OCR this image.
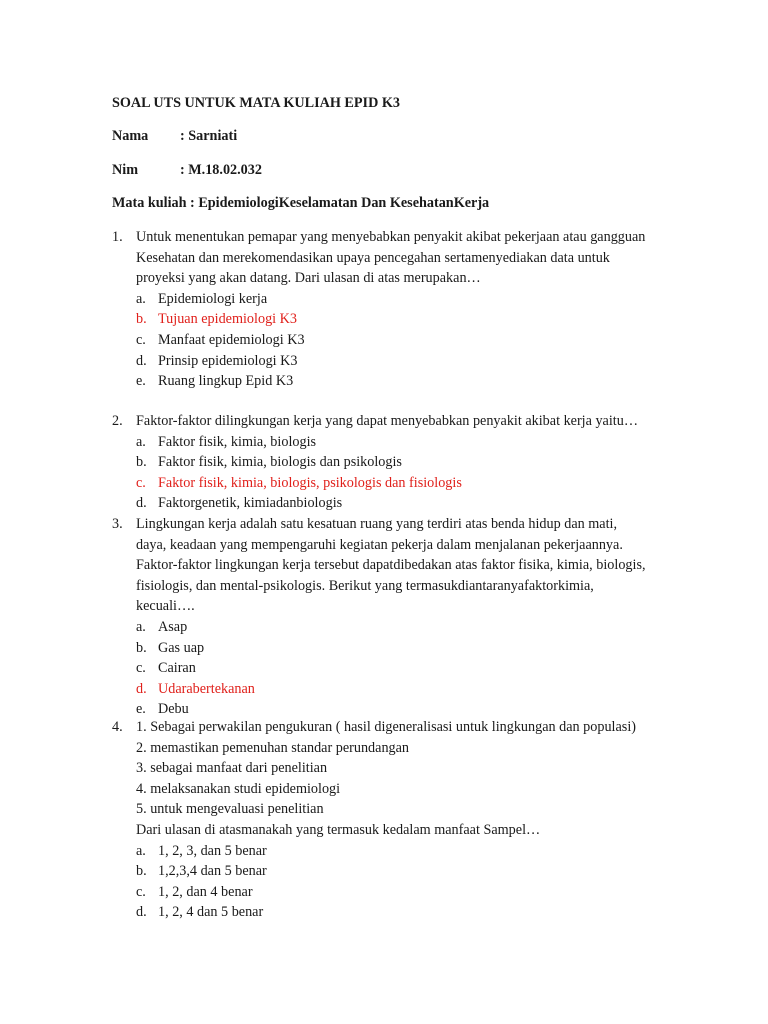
SOAL UTS UNTUK MATA KULIAH EPID K3
Nama : Sarniati
Nim	: M.18.02.032
Mata kuliah : EpidemiologiKeselamatan Dan KesehatanKerja
1. Untuk menentukan pemapar yang menyebabkan penyakit akibat pekerjaan atau gangguan
Kesehatan dan merekomendasikan upaya pencegahan sertamenyediakan data untuk
proyeksi yang akan datang. Dari ulasan di atas merupakan…
a. Epidemiologi kerja
b. Tujuan epidemiologi K3
c. Manfaat epidemiologi K3
d. Prinsip epidemiologi K3
e. Ruang lingkup Epid K3
2. Faktor-faktor dilingkungan kerja yang dapat menyebabkan penyakit akibat kerja yaitu…
a. Faktor fisik, kimia, biologis
b. Faktor fisik, kimia, biologis dan psikologis
c. Faktor fisik, kimia, biologis, psikologis dan fisiologis
d. Faktorgenetik, kimiadanbiologis
3. Lingkungan kerja adalah satu kesatuan ruang yang terdiri atas benda hidup dan mati,
daya, keadaan yang mempengaruhi kegiatan pekerja dalam menjalanan pekerjaannya.
Faktor-faktor lingkungan kerja tersebut dapatdibedakan atas faktor fisika, kimia, biologis,
fisiologis, dan mental-psikologis. Berikut yang termasukdiantaranyafaktorkimia,
kecuali….
a. Asap
b. Gas uap
c. Cairan
d. Udarabertekanan
e. Debu
4. 1. Sebagai perwakilan pengukuran ( hasil digeneralisasi untuk lingkungan dan populasi)
2. memastikan pemenuhan standar perundangan
3. sebagai manfaat dari penelitian
4. melaksanakan studi epidemiologi
5. untuk mengevaluasi penelitian
Dari ulasan di atasmanakah yang termasuk kedalam manfaat Sampel…
a. 1, 2, 3, dan 5 benar
b. 1,2,3,4 dan 5 benar
c. 1, 2, dan 4 benar
d. 1, 2, 4 dan 5 benar
